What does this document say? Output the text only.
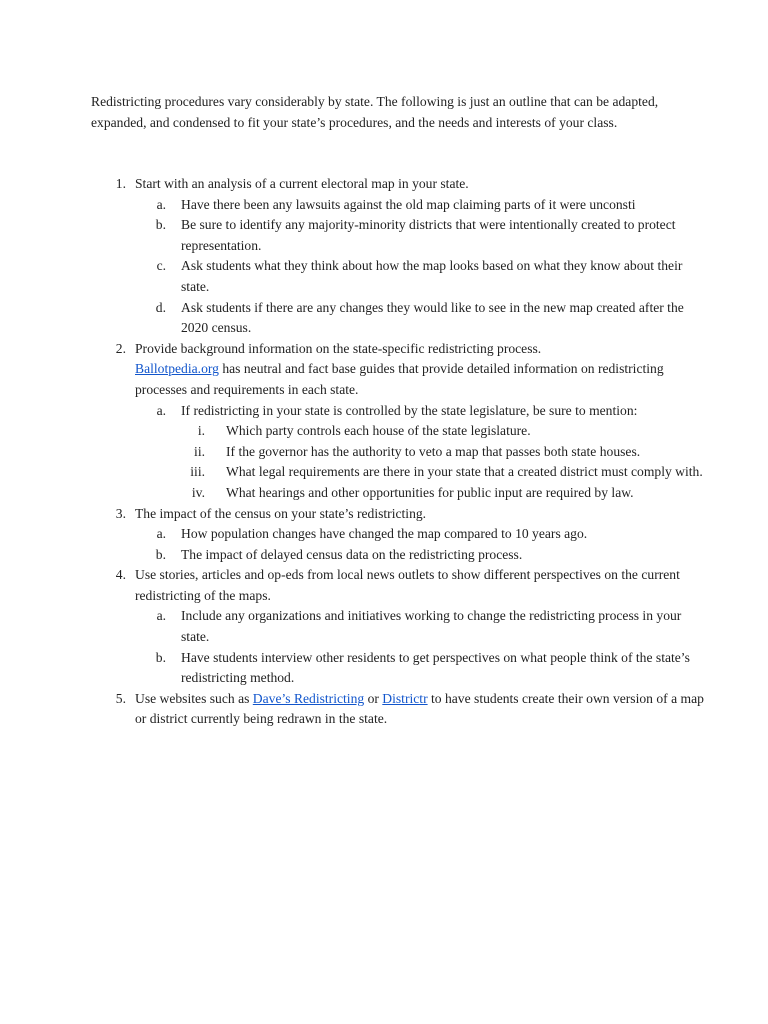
Redistricting procedures vary considerably by state. The following is just an outline that can be adapted, expanded, and condensed to fit your state’s procedures, and the needs and interests of your class.

1. Start with an analysis of a current electoral map in your state.
a. Have there been any lawsuits against the old map claiming parts of it were unconsti
b. Be sure to identify any majority-minority districts that were intentionally created to protect representation.
c. Ask students what they think about how the map looks based on what they know about their state.
d. Ask students if there are any changes they would like to see in the new map created after the 2020 census.
2. Provide background information on the state-specific redistricting process.
Ballotpedia.org has neutral and fact base guides that provide detailed information on redistricting processes and requirements in each state.
a. If redistricting in your state is controlled by the state legislature, be sure to mention:
i. Which party controls each house of the state legislature.
ii. If the governor has the authority to veto a map that passes both state houses.
iii. What legal requirements are there in your state that a created district must comply with.
iv. What hearings and other opportunities for public input are required by law.
3. The impact of the census on your state’s redistricting.
a. How population changes have changed the map compared to 10 years ago.
b. The impact of delayed census data on the redistricting process.
4. Use stories, articles and op-eds from local news outlets to show different perspectives on the current redistricting of the maps.
a. Include any organizations and initiatives working to change the redistricting process in your state.
b. Have students interview other residents to get perspectives on what people think of the state’s redistricting method.
5. Use websites such as Dave’s Redistricting or Districtr to have students create their own version of a map or district currently being redrawn in the state.
